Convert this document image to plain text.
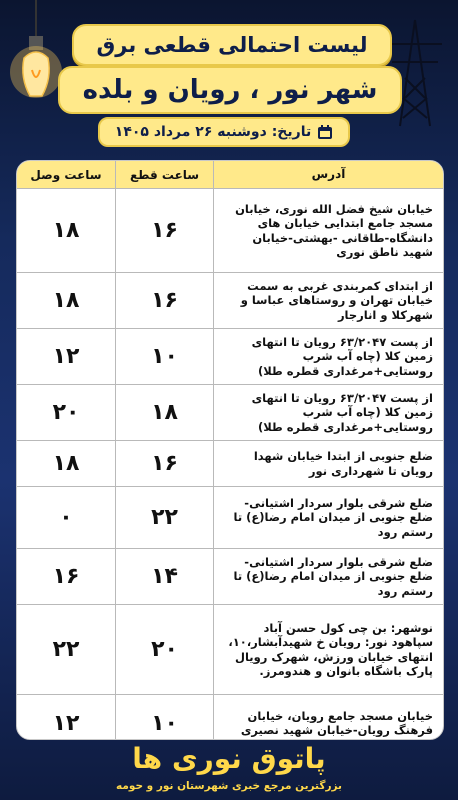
لیست احتمالی قطعی برق
شهر نور ، رویان و بلده
تاریخ: دوشنبه ۲۶ مرداد ۱۴۰۵
آدرس
ساعت قطع
ساعت وصل
خیابان شیخ فضل الله نوری، خیابان مسجد جامع ابتدایی خیابان های دانشگاه-طاقانی -بهشتی-خیابان شهید ناطق نوری
۱۶
۱۸
از ابتدای کمربندی غربی به سمت خیابان تهران و روستاهای عباسا و شهرکلا و انارجار
۱۶
۱۸
از پست ۶۳/۲۰۴۷ رویان تا انتهای زمین کلا (چاه آب شرب روستایی+مرغداری قطره طلا)
۱۰
۱۲
از پست ۶۳/۲۰۴۷ رویان تا انتهای زمین کلا (چاه آب شرب روستایی+مرغداری قطره طلا)
۱۸
۲۰
ضلع جنوبی از ابتدا خیابان شهدا رویان تا شهرداری نور
۱۶
۱۸
ضلع شرقی بلوار سردار اشتیانی- ضلع جنوبی از میدان امام رضا(ع) تا رستم رود
۲۲
۰
ضلع شرقی بلوار سردار اشتیانی- ضلع جنوبی از میدان امام رضا(ع) تا رستم رود
۱۴
۱۶
نوشهر: بن چی کول حسن آباد سپاهود نور: رویان خ شهیدآبشار،۱۰، انتهای خیابان ورزش، شهرک رویال پارک باشگاه بانوان و هندومرز.
۲۰
۲۲
خیابان مسجد جامع رویان، خیابان فرهنگ رویان-خیابان شهید نصیری
۱۰
۱۲
پاتوق نوری ها
بزرگترین مرجع خبری شهرستان نور و حومه
